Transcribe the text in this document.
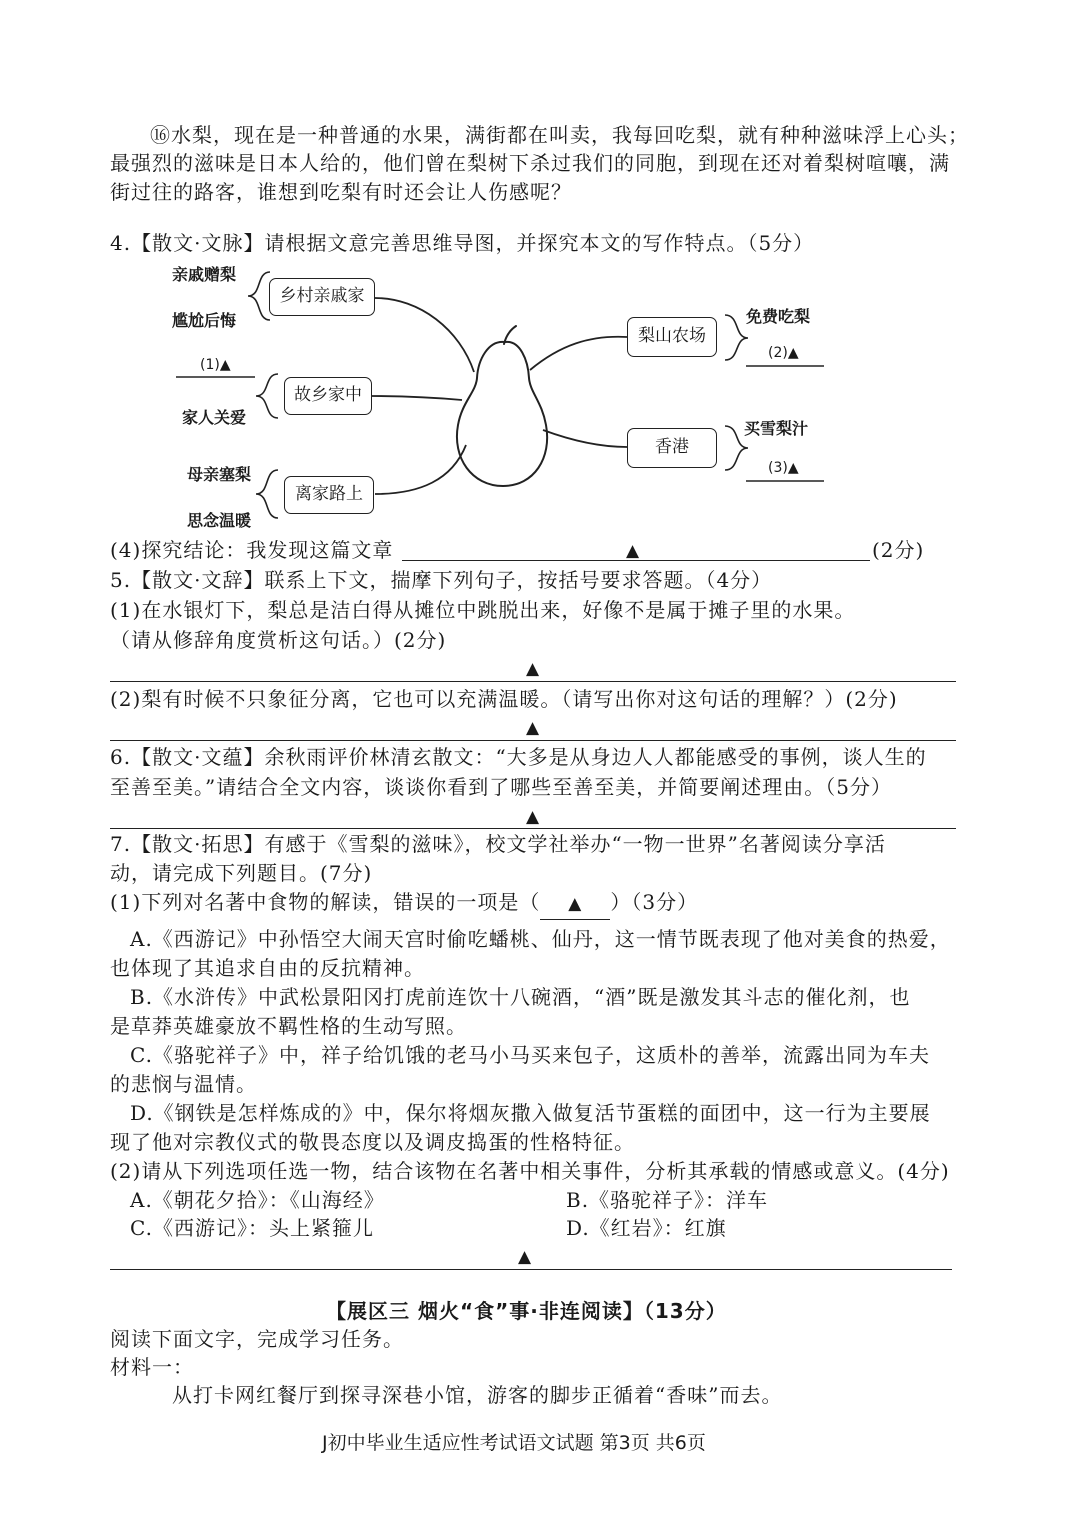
⑯水梨，现在是一种普通的水果，满街都在叫卖，我每回吃梨，就有种种滋味浮上心头；
最强烈的滋味是日本人给的，他们曾在梨树下杀过我们的同胞，到现在还对着梨树喧嚷，满
街过往的路客，谁想到吃梨有时还会让人伤感呢？
4.【散文·文脉】请根据文意完善思维导图，并探究本文的写作特点。（5分）
乡村亲戚家
故乡家中
离家路上
梨山农场
香港
亲戚赠梨
尴尬后悔
(1)▲
家人关爱
母亲塞梨
思念温暖
免费吃梨
(2)▲
买雪梨汁
(3)▲
(4)探究结论：我发现这篇文章	▲	(2分)
5.【散文·文辞】联系上下文，揣摩下列句子，按括号要求答题。（4分）
(1)在水银灯下，梨总是洁白得从摊位中跳脱出来，好像不是属于摊子里的水果。
（请从修辞角度赏析这句话。）(2分)
▲
(2)梨有时候不只象征分离，它也可以充满温暖。（请写出你对这句话的理解？）(2分)
▲
6.【散文·文蕴】余秋雨评价林清玄散文：“大多是从身边人人都能感受的事例，谈人生的
至善至美。”请结合全文内容，谈谈你看到了哪些至善至美，并简要阐述理由。（5分）
▲
7.【散文·拓思】有感于《雪梨的滋味》，校文学社举办“一物一世界”名著阅读分享活
动，请完成下列题目。(7分)
(1)下列对名著中食物的解读，错误的一项是（ ▲ ）（3分）
A.《西游记》中孙悟空大闹天宫时偷吃蟠桃、仙丹，这一情节既表现了他对美食的热爱，
也体现了其追求自由的反抗精神。
B.《水浒传》中武松景阳冈打虎前连饮十八碗酒，“酒”既是激发其斗志的催化剂，也
是草莽英雄豪放不羁性格的生动写照。
C.《骆驼祥子》中，祥子给饥饿的老马小马买来包子，这质朴的善举，流露出同为车夫
的悲悯与温情。
D.《钢铁是怎样炼成的》中，保尔将烟灰撒入做复活节蛋糕的面团中，这一行为主要展
现了他对宗教仪式的敬畏态度以及调皮捣蛋的性格特征。
(2)请从下列选项任选一物，结合该物在名著中相关事件，分析其承载的情感或意义。(4分)
A.《朝花夕拾》：《山海经》	B.《骆驼祥子》：洋车
C.《西游记》：头上紧箍儿	D.《红岩》：红旗
▲
【展区三 烟火“食”事·非连阅读】（13分）
阅读下面文字，完成学习任务。
材料一：
从打卡网红餐厅到探寻深巷小馆，游客的脚步正循着“香味”而去。
J初中毕业生适应性考试语文试题 第3页 共6页
